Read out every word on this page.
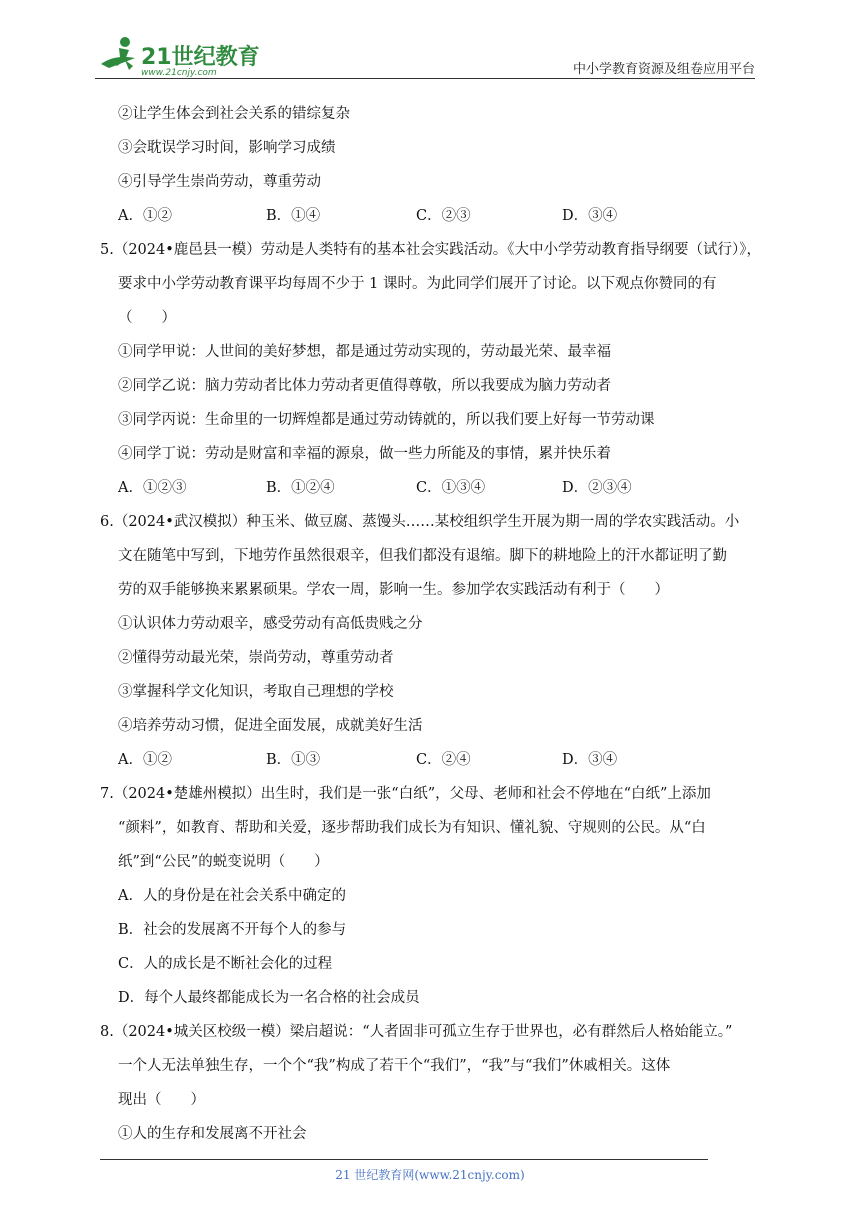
21世纪教育
www.21cnjy.com	中小学教育资源及组卷应用平台
②让学生体会到社会关系的错综复杂
③会耽误学习时间，影响学习成绩
④引导学生崇尚劳动，尊重劳动
A．①②	B．①④	C．②③	D．③④
5.（2024•鹿邑县一模）劳动是人类特有的基本社会实践活动。《大中小学劳动教育指导纲要（试行）》，
要求中小学劳动教育课平均每周不少于 1 课时。为此同学们展开了讨论。以下观点你赞同的有
（　　）
①同学甲说：人世间的美好梦想，都是通过劳动实现的，劳动最光荣、最幸福
②同学乙说：脑力劳动者比体力劳动者更值得尊敬，所以我要成为脑力劳动者
③同学丙说：生命里的一切辉煌都是通过劳动铸就的，所以我们要上好每一节劳动课
④同学丁说：劳动是财富和幸福的源泉，做一些力所能及的事情，累并快乐着
A．①②③	B．①②④	C．①③④	D．②③④
6.（2024•武汉模拟）种玉米、做豆腐、蒸馒头……某校组织学生开展为期一周的学农实践活动。小
文在随笔中写到，下地劳作虽然很艰辛，但我们都没有退缩。脚下的耕地险上的汗水都证明了勤
劳的双手能够换来累累硕果。学农一周，影响一生。参加学农实践活动有利于（　　）
①认识体力劳动艰辛，感受劳动有高低贵贱之分
②懂得劳动最光荣，崇尚劳动，尊重劳动者
③掌握科学文化知识，考取自己理想的学校
④培养劳动习惯，促进全面发展，成就美好生活
A．①②	B．①③	C．②④	D．③④
7.（2024•楚雄州模拟）出生时，我们是一张“白纸”，父母、老师和社会不停地在“白纸”上添加
“颜料”，如教育、帮助和关爱，逐步帮助我们成长为有知识、懂礼貌、守规则的公民。从“白
纸”到“公民”的蜕变说明（　　）
A．人的身份是在社会关系中确定的
B．社会的发展离不开每个人的参与
C．人的成长是不断社会化的过程
D．每个人最终都能成长为一名合格的社会成员
8.（2024•城关区校级一模）梁启超说：“人者固非可孤立生存于世界也，必有群然后人格始能立。”
一个人无法单独生存，一个个“我”构成了若干个“我们”，“我”与“我们”休戚相关。这体
现出（　　）
①人的生存和发展离不开社会
21 世纪教育网(www.21cnjy.com)
